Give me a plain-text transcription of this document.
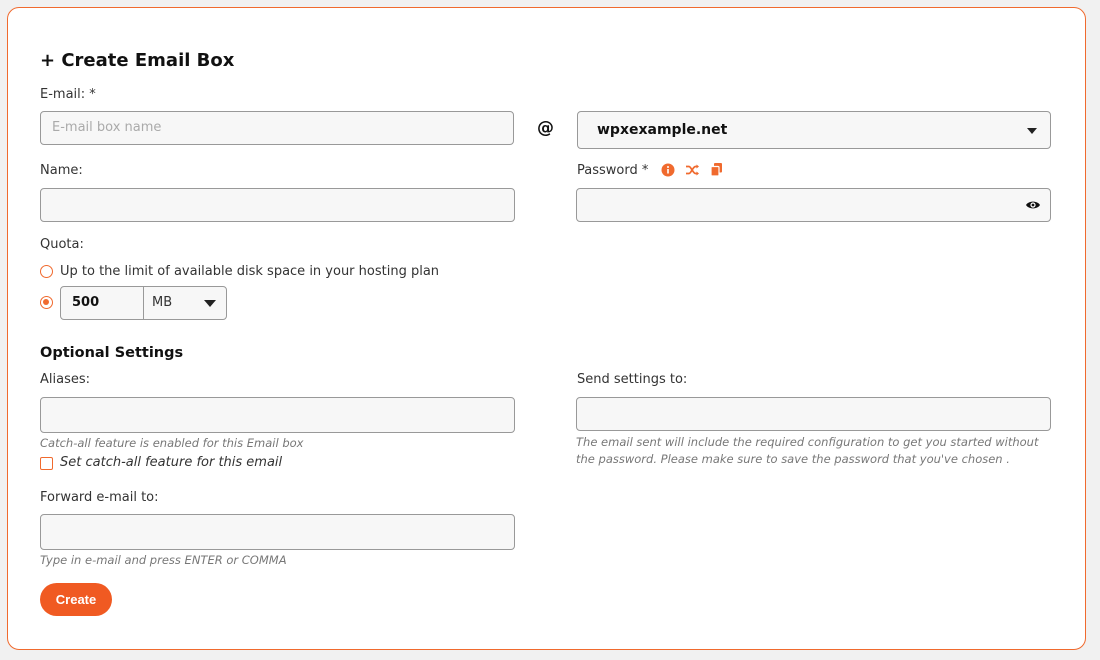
+ Create Email Box
E-mail: *
E-mail box name	@	wpxexample.net
Name:	Password *
Quota:
Up to the limit of available disk space in your hosting plan
500	MB
Optional Settings
Aliases:
Catch-all feature is enabled for this Email box
Set catch-all feature for this email
Forward e-mail to:
Type in e-mail and press ENTER or COMMA
Send settings to:
The email sent will include the required configuration to get you started without the password. Please make sure to save the password that you've chosen .
Create
